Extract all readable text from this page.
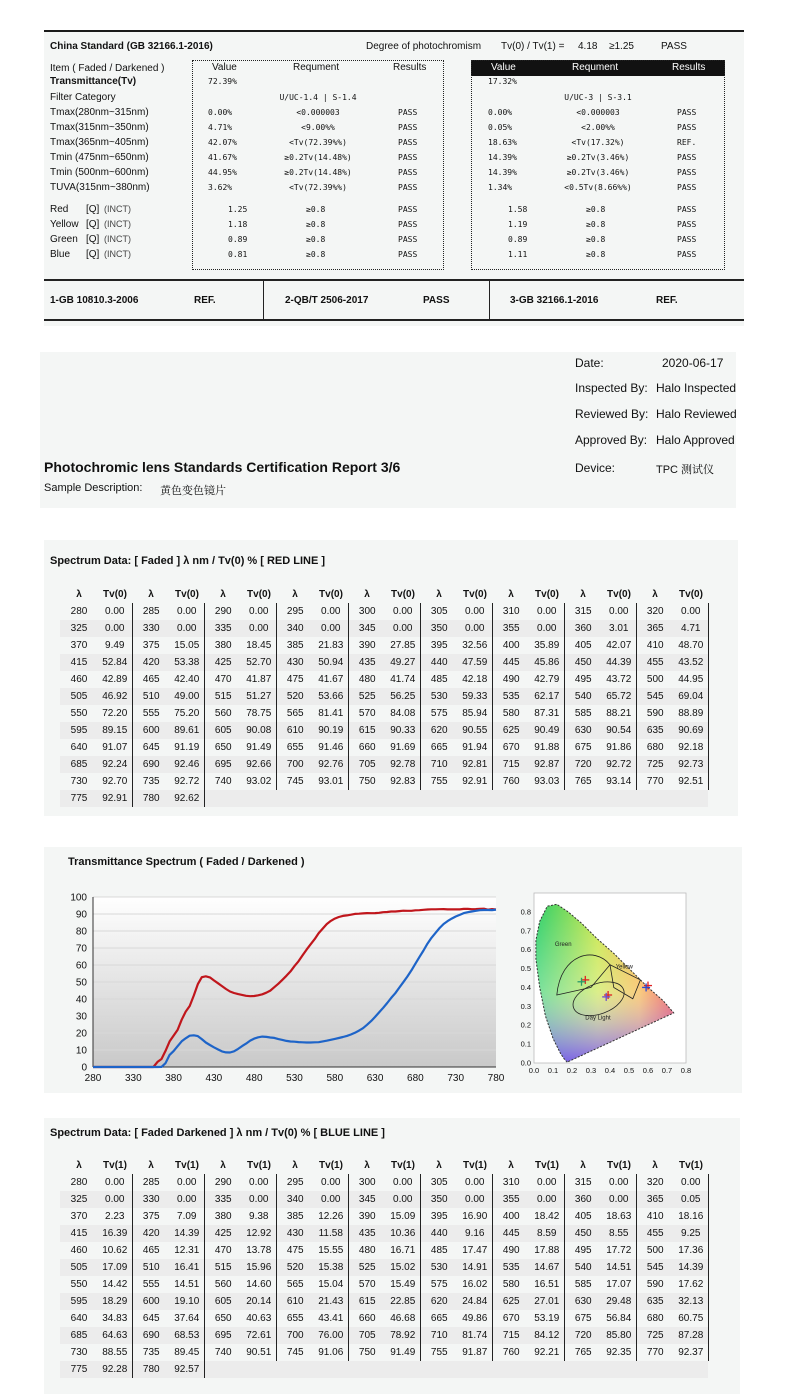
China Standard (GB 32166.1-2016)	Degree of photochromism Tv(0) / Tv(1) = 4.18 ≥1.25	PASS
Item ( Faded / Darkened )	Value	Requment	Results	Value	Requment	Results
Transmittance(Tv)	72.39%	17.32%
Filter Category	U/UC-1.4 | S-1.4	U/UC-3 | S-3.1
Tmax(280nm~315nm)	0.00%	<0.000003	PASS	0.00%	<0.000003	PASS
Tmax(315nm~350nm)	4.71%	<9.00%%	PASS	0.05%	<2.00%%	PASS
Tmax(365nm~405nm)	42.07%	<Tv(72.39%%)	PASS	18.63%	<Tv(17.32%)	REF.
Tmin (475nm~650nm)	41.67%	≥0.2Tv(14.48%)	PASS	14.39%	≥0.2Tv(3.46%)	PASS
Tmin (500nm~600nm)	44.95%	≥0.2Tv(14.48%)	PASS	14.39%	≥0.2Tv(3.46%)	PASS
TUVA(315nm~380nm)	3.62%	<Tv(72.39%%)	PASS	1.34%	<0.5Tv(8.66%%)	PASS
Red [Q] (INCT)	1.25	≥0.8	PASS	1.58	≥0.8	PASS
Yellow [Q] (INCT)	1.18	≥0.8	PASS	1.19	≥0.8	PASS
Green [Q] (INCT)	0.89	≥0.8	PASS	0.89	≥0.8	PASS
Blue [Q] (INCT)	0.81	≥0.8	PASS	1.11	≥0.8	PASS
1-GB 10810.3-2006	REF.	2-QB/T 2506-2017	PASS	3-GB 32166.1-2016	REF.
Date:	2020-06-17
Inspected By: Halo Inspected
Reviewed By: Halo Reviewed
Approved By: Halo Approved
Device:	TPC 测试仪
Photochromic lens Standards Certification Report 3/6
Sample Description: 黄色变色镜片
Spectrum Data: [ Faded ] λ nm / Tv(0) % [ RED LINE ]
λ	Tv(0)	λ	Tv(0)	λ	Tv(0)	λ	Tv(0)	λ	Tv(0)	λ	Tv(0)	λ	Tv(0)	λ	Tv(0)	λ	Tv(0)
280	0.00	285	0.00	290	0.00	295	0.00	300	0.00	305	0.00	310	0.00	315	0.00	320	0.00
325	0.00	330	0.00	335	0.00	340	0.00	345	0.00	350	0.00	355	0.00	360	3.01	365	4.71
370	9.49	375	15.05	380	18.45	385	21.83	390	27.85	395	32.56	400	35.89	405	42.07	410	48.70
415	52.84	420	53.38	425	52.70	430	50.94	435	49.27	440	47.59	445	45.86	450	44.39	455	43.52
460	42.89	465	42.40	470	41.87	475	41.67	480	41.74	485	42.18	490	42.79	495	43.72	500	44.95
505	46.92	510	49.00	515	51.27	520	53.66	525	56.25	530	59.33	535	62.17	540	65.72	545	69.04
550	72.20	555	75.20	560	78.75	565	81.41	570	84.08	575	85.94	580	87.31	585	88.21	590	88.89
595	89.15	600	89.61	605	90.08	610	90.19	615	90.33	620	90.55	625	90.49	630	90.54	635	90.69
640	91.07	645	91.19	650	91.49	655	91.46	660	91.69	665	91.94	670	91.88	675	91.86	680	92.18
685	92.24	690	92.46	695	92.66	700	92.76	705	92.78	710	92.81	715	92.87	720	92.72	725	92.73
730	92.70	735	92.72	740	93.02	745	93.01	750	92.83	755	92.91	760	93.03	765	93.14	770	92.51
775	92.91	780	92.62														
Transmittance Spectrum ( Faded / Darkened )
0
10
20
30
40
50
60
70
80
90
100
280 330 380 430 480 530 580 630 680 730 780
Green
Yellow
Day Light
0.0
0.1
0.2
0.3
0.4
0.5
0.6
0.7
0.8
0.0 0.1 0.2 0.3 0.4 0.5 0.6 0.7 0.8
Spectrum Data: [ Faded Darkened ] λ nm / Tv(0) % [ BLUE LINE ]
λ	Tv(1)	λ	Tv(1)	λ	Tv(1)	λ	Tv(1)	λ	Tv(1)	λ	Tv(1)	λ	Tv(1)	λ	Tv(1)	λ	Tv(1)
280	0.00	285	0.00	290	0.00	295	0.00	300	0.00	305	0.00	310	0.00	315	0.00	320	0.00
325	0.00	330	0.00	335	0.00	340	0.00	345	0.00	350	0.00	355	0.00	360	0.00	365	0.05
370	2.23	375	7.09	380	9.38	385	12.26	390	15.09	395	16.90	400	18.42	405	18.63	410	18.16
415	16.39	420	14.39	425	12.92	430	11.58	435	10.36	440	9.16	445	8.59	450	8.55	455	9.25
460	10.62	465	12.31	470	13.78	475	15.55	480	16.71	485	17.47	490	17.88	495	17.72	500	17.36
505	17.09	510	16.41	515	15.96	520	15.38	525	15.02	530	14.91	535	14.67	540	14.51	545	14.39
550	14.42	555	14.51	560	14.60	565	15.04	570	15.49	575	16.02	580	16.51	585	17.07	590	17.62
595	18.29	600	19.10	605	20.14	610	21.43	615	22.85	620	24.84	625	27.01	630	29.48	635	32.13
640	34.83	645	37.64	650	40.63	655	43.41	660	46.68	665	49.86	670	53.19	675	56.84	680	60.75
685	64.63	690	68.53	695	72.61	700	76.00	705	78.92	710	81.74	715	84.12	720	85.80	725	87.28
730	88.55	735	89.45	740	90.51	745	91.06	750	91.49	755	91.87	760	92.21	765	92.35	770	92.37
775	92.28	780	92.57														
